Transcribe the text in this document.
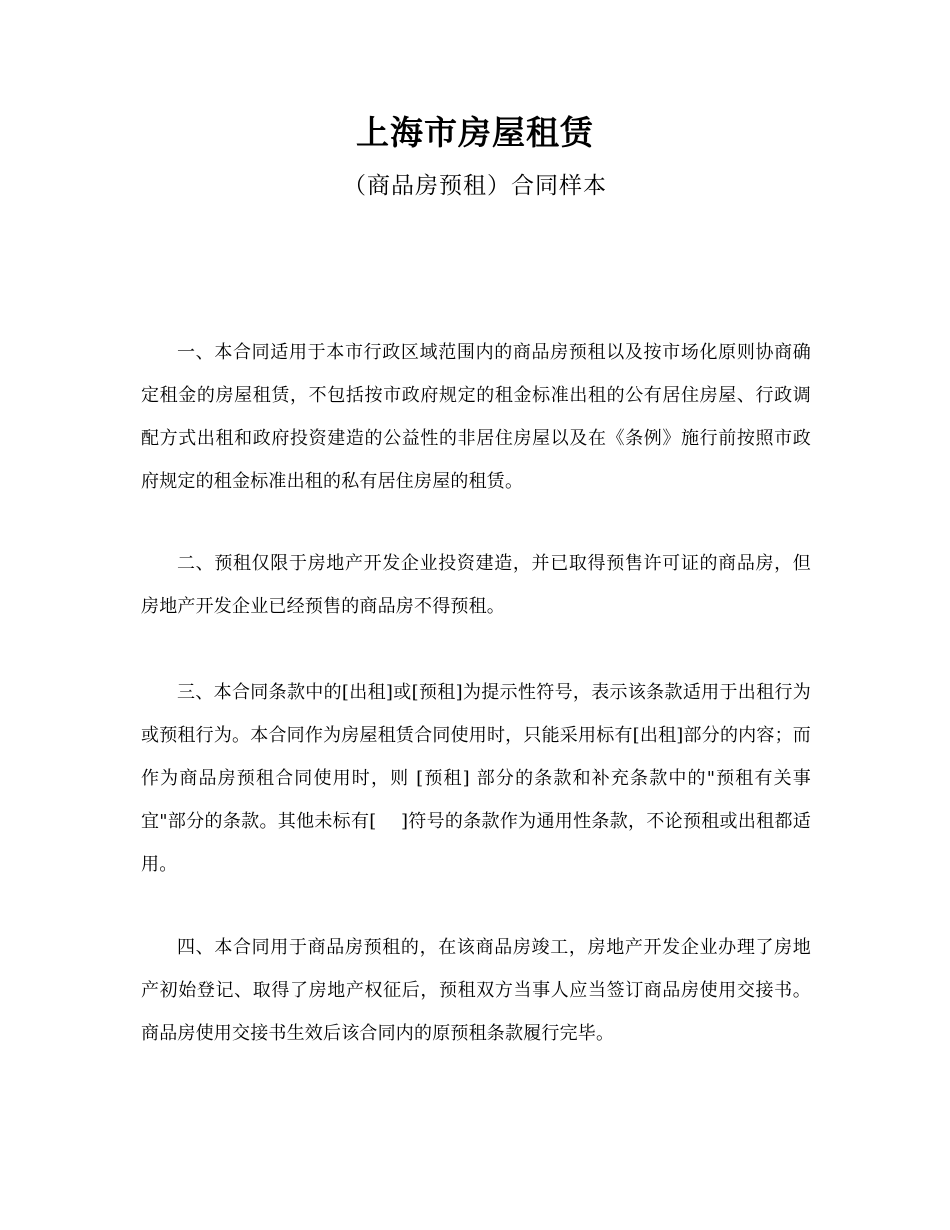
上海市房屋租赁
（商品房预租）合同样本

一、本合同适用于本市行政区域范围内的商品房预租以及按市场化原则协商确定租金的房屋租赁，不包括按市政府规定的租金标准出租的公有居住房屋、行政调配方式出租和政府投资建造的公益性的非居住房屋以及在《条例》施行前按照市政府规定的租金标准出租的私有居住房屋的租赁。

二、预租仅限于房地产开发企业投资建造，并已取得预售许可证的商品房，但房地产开发企业已经预售的商品房不得预租。

三、本合同条款中的[出租]或[预租]为提示性符号，表示该条款适用于出租行为或预租行为。本合同作为房屋租赁合同使用时，只能采用标有[出租]部分的内容；而作为商品房预租合同使用时，则 [预租] 部分的条款和补充条款中的"预租有关事宜"部分的条款。其他未标有[　 ]符号的条款作为通用性条款，不论预租或出租都适用。

四、本合同用于商品房预租的，在该商品房竣工，房地产开发企业办理了房地产初始登记、取得了房地产权征后，预租双方当事人应当签订商品房使用交接书。商品房使用交接书生效后该合同内的原预租条款履行完毕。
